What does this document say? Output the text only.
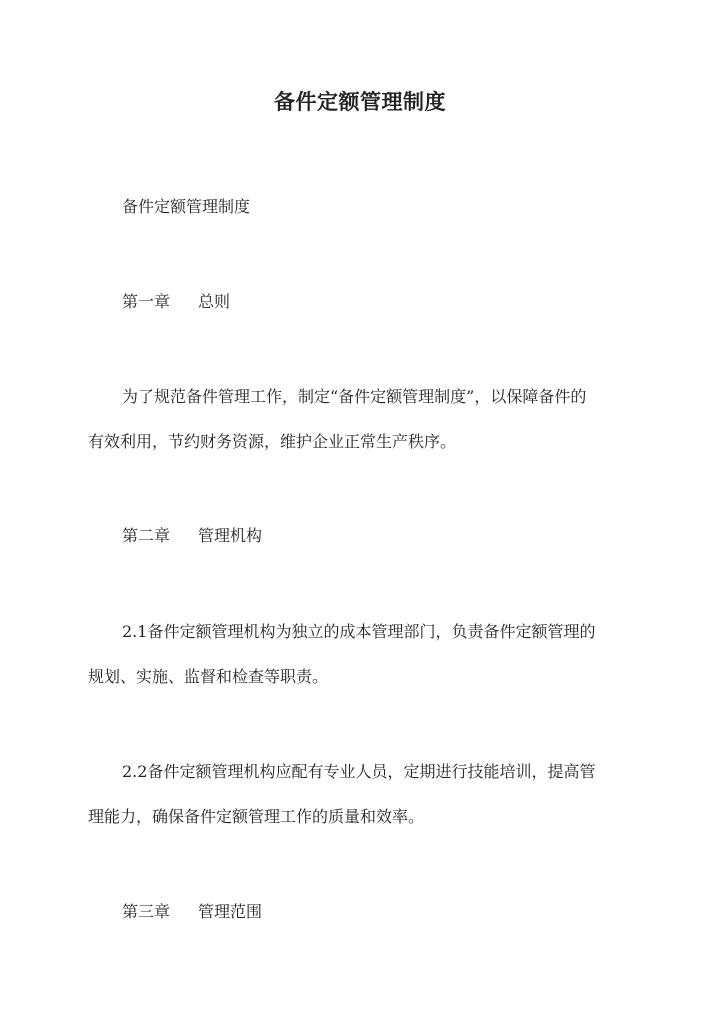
备件定额管理制度

备件定额管理制度

第一章 总则

为了规范备件管理工作，制定“备件定额管理制度”，以保障备件的

有效利用，节约财务资源，维护企业正常生产秩序。

第二章 管理机构

2.1备件定额管理机构为独立的成本管理部门，负责备件定额管理的

规划、实施、监督和检查等职责。

2.2备件定额管理机构应配有专业人员，定期进行技能培训，提高管

理能力，确保备件定额管理工作的质量和效率。

第三章 管理范围
